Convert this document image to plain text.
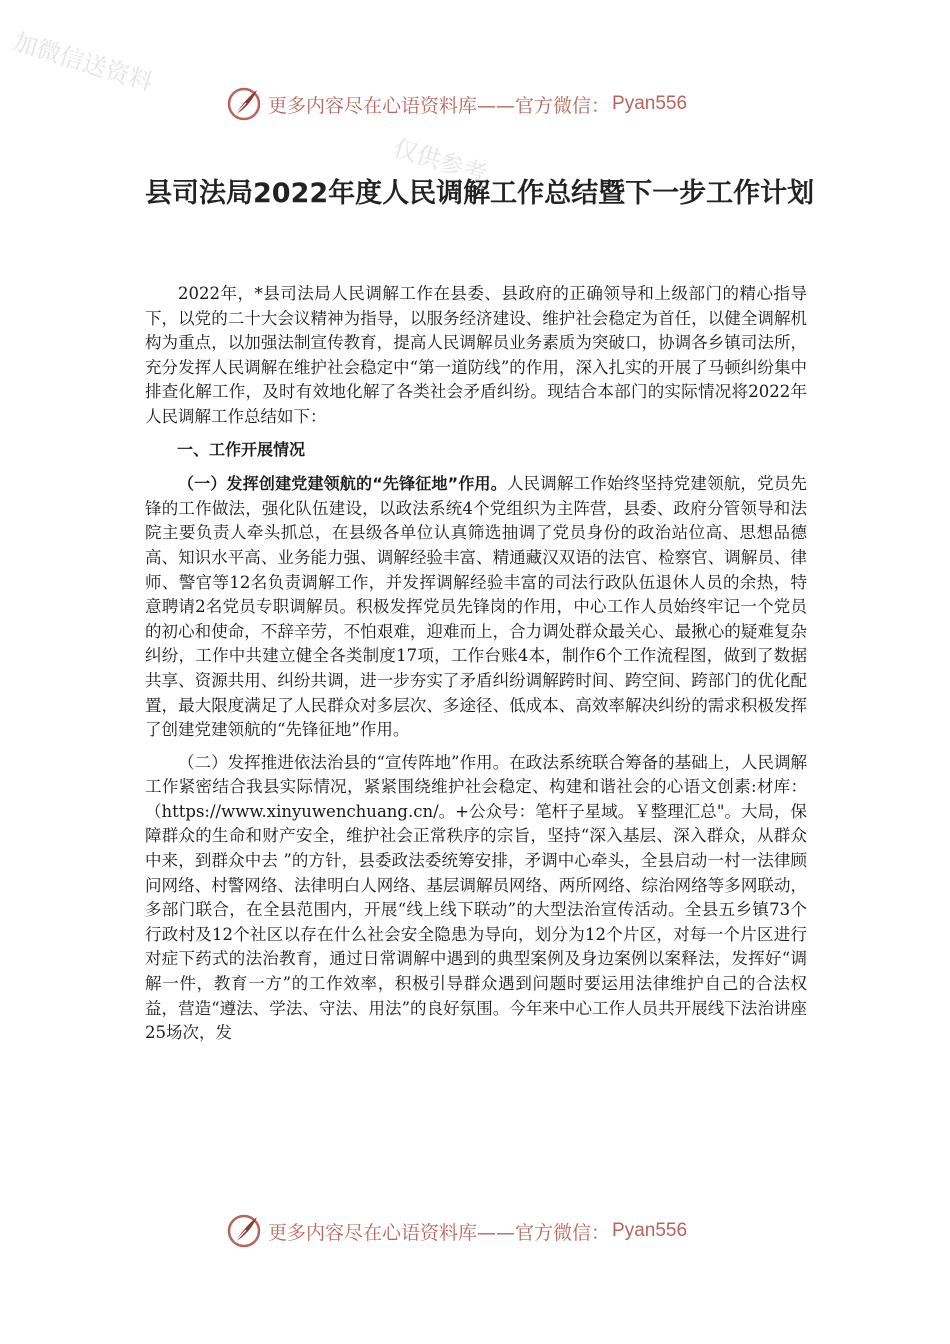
加微信送资料
仅供参考
更多内容尽在心语资料库——官方微信： Pyan556
县司法局2022年度人民调解工作总结暨下一步工作计划

2022年，*县司法局人民调解工作在县委、县政府的正确领导和上级部门的精心指导下，以党的二十大会议精神为指导，以服务经济建设、维护社会稳定为首任，以健全调解机构为重点，以加强法制宣传教育，提高人民调解员业务素质为突破口，协调各乡镇司法所，充分发挥人民调解在维护社会稳定中“第一道防线”的作用，深入扎实的开展了马顿纠纷集中排查化解工作，及时有效地化解了各类社会矛盾纠纷。现结合本部门的实际情况将2022年人民调解工作总结如下：

一、工作开展情况

（一）发挥创建党建领航的“先锋征地”作用。人民调解工作始终坚持党建领航，党员先锋的工作做法，强化队伍建设，以政法系统4个党组织为主阵营，县委、政府分管领导和法院主要负责人牵头抓总，在县级各单位认真筛选抽调了党员身份的政治站位高、思想品德高、知识水平高、业务能力强、调解经验丰富、精通藏汉双语的法官、检察官、调解员、律师、警官等12名负责调解工作，并发挥调解经验丰富的司法行政队伍退休人员的余热，特意聘请2名党员专职调解员。积极发挥党员先锋岗的作用，中心工作人员始终牢记一个党员的初心和使命，不辞辛劳，不怕艰难，迎难而上，合力调处群众最关心、最揪心的疑难复杂纠纷，工作中共建立健全各类制度17项，工作台账4本，制作6个工作流程图，做到了数据共享、资源共用、纠纷共调，进一步夯实了矛盾纠纷调解跨时间、跨空间、跨部门的优化配置，最大限度满足了人民群众对多层次、多途径、低成本、高效率解决纠纷的需求积极发挥了创建党建领航的“先锋征地”作用。

（二）发挥推进依法治县的“宣传阵地”作用。在政法系统联合筹备的基础上，人民调解工作紧密结合我县实际情况，紧紧围绕维护社会稳定、构建和谐社会的心语文创素:材库：（https://www.xinyuwenchuang.cn/。+公众号：笔杆子星域。￥整理汇总"。大局，保障群众的生命和财产安全，维护社会正常秩序的宗旨，坚持“深入基层、深入群众，从群众中来，到群众中去 ”的方针，县委政法委统筹安排，矛调中心牵头，全县启动一村一法律顾问网络、村警网络、法律明白人网络、基层调解员网络、两所网络、综治网络等多网联动，多部门联合，在全县范围内，开展“线上线下联动”的大型法治宣传活动。全县五乡镇73个行政村及12个社区以存在什么社会安全隐患为导向，划分为12个片区，对每一个片区进行对症下药式的法治教育，通过日常调解中遇到的典型案例及身边案例以案释法，发挥好“调解一件，教育一方”的工作效率，积极引导群众遇到问题时要运用法律维护自己的合法权益，营造“遵法、学法、守法、用法”的良好氛围。今年来中心工作人员共开展线下法治讲座25场次，发

更多内容尽在心语资料库——官方微信： Pyan556
